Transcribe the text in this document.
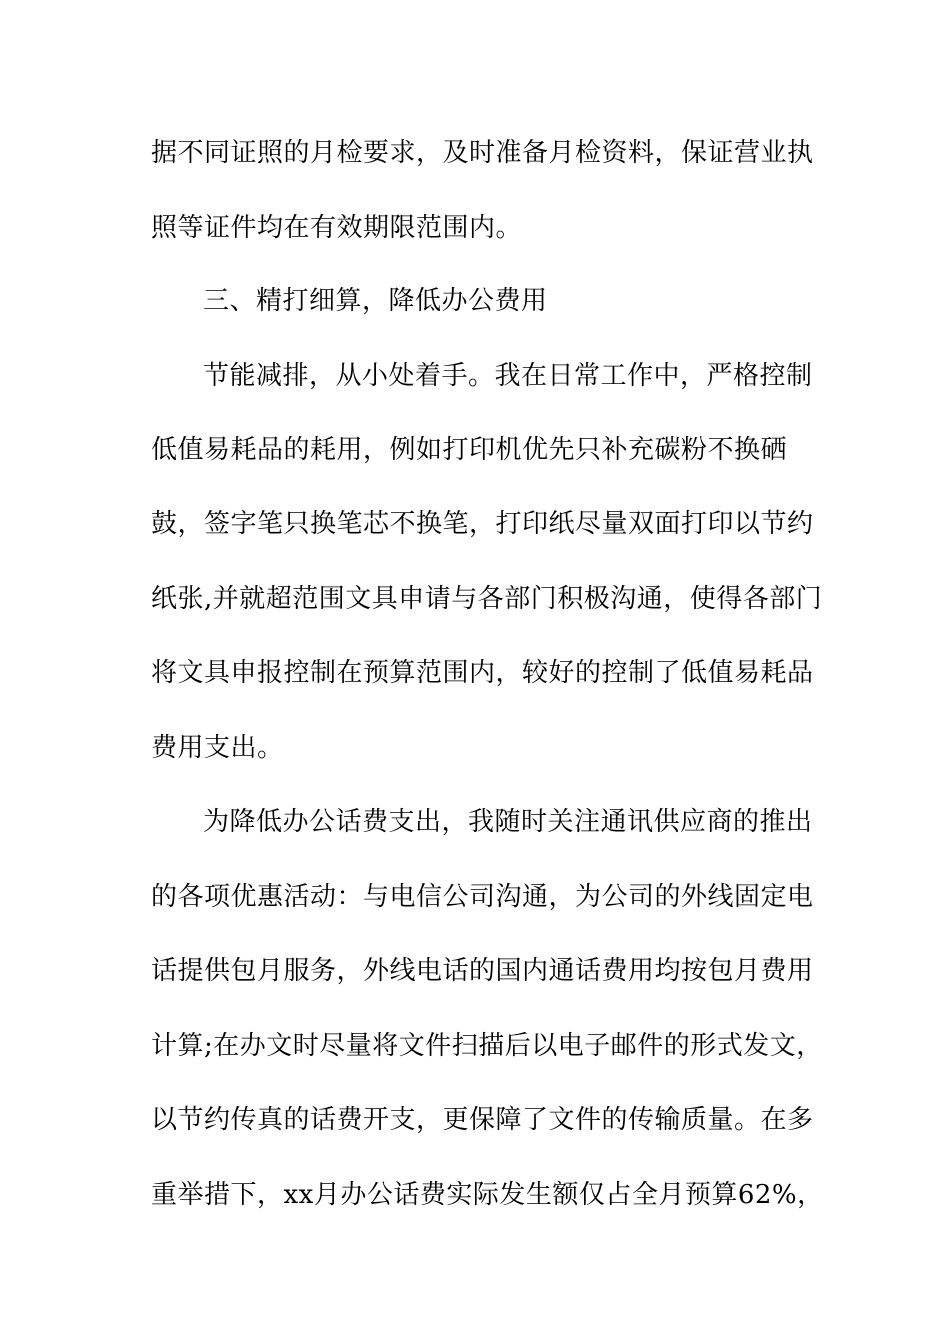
据不同证照的月检要求，及时准备月检资料，保证营业执

照等证件均在有效期限范围内。

三、精打细算，降低办公费用

节能减排，从小处着手。我在日常工作中，严格控制

低值易耗品的耗用，例如打印机优先只补充碳粉不换硒

鼓，签字笔只换笔芯不换笔，打印纸尽量双面打印以节约

纸张,并就超范围文具申请与各部门积极沟通，使得各部门

将文具申报控制在预算范围内，较好的控制了低值易耗品

费用支出。

为降低办公话费支出，我随时关注通讯供应商的推出

的各项优惠活动：与电信公司沟通，为公司的外线固定电

话提供包月服务，外线电话的国内通话费用均按包月费用

计算;在办文时尽量将文件扫描后以电子邮件的形式发文，

以节约传真的话费开支，更保障了文件的传输质量。在多

重举措下，xx月办公话费实际发生额仅占全月预算62%，
